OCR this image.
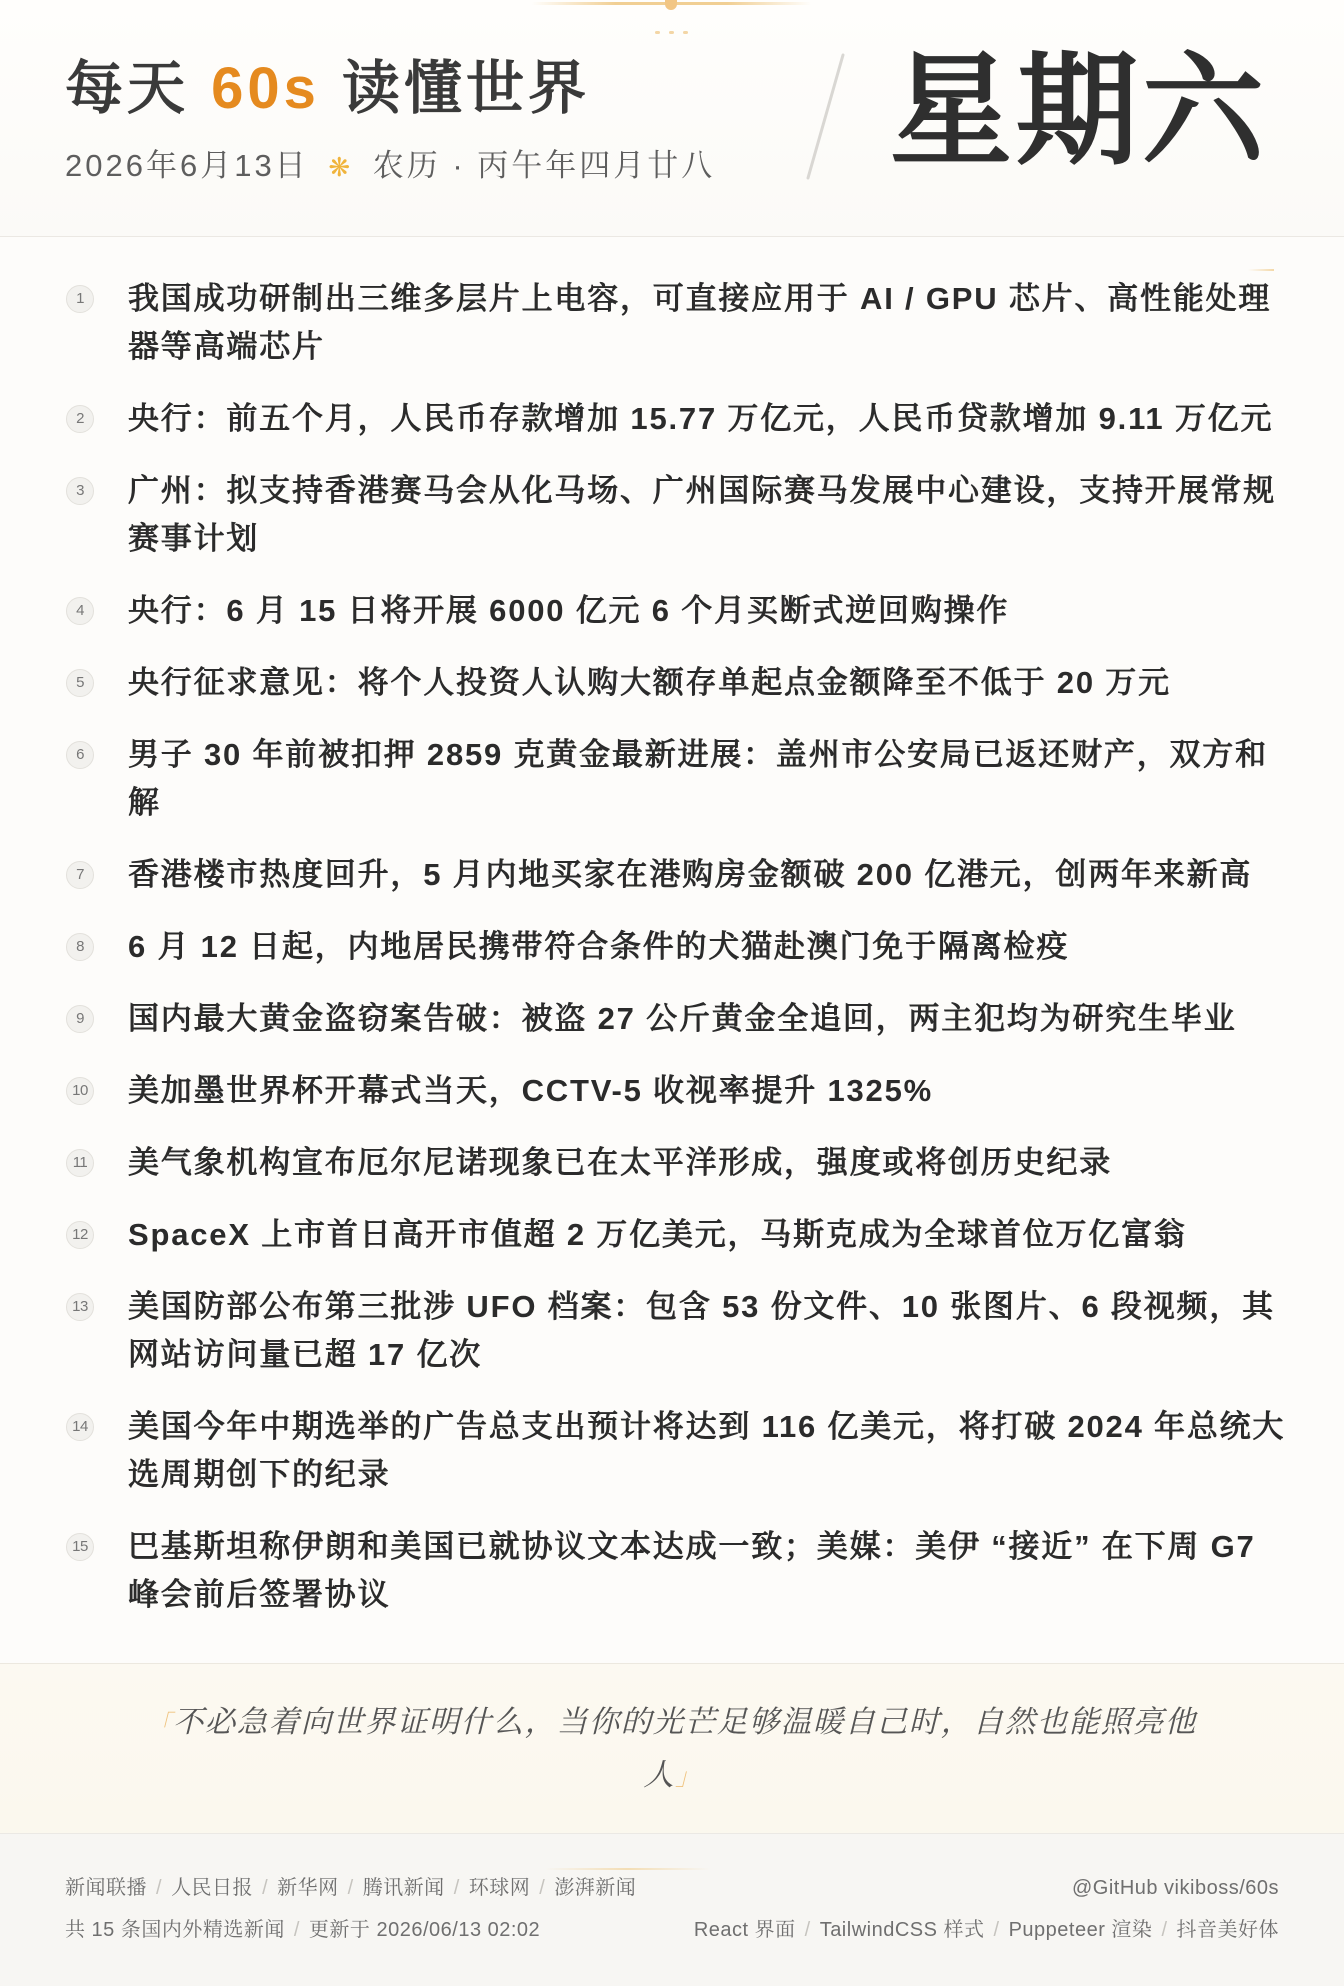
每天 60s 读懂世界
2026年6月13日 ❋ 农历 · 丙午年四月廿八 星期六
1	我国成功研制出三维多层片上电容，可直接应用于 AI / GPU 芯片、高性能处理器等高端芯片
2	央行：前五个月，人民币存款增加 15.77 万亿元，人民币贷款增加 9.11 万亿元
3	广州：拟支持香港赛马会从化马场、广州国际赛马发展中心建设，支持开展常规赛事计划
4	央行：6 月 15 日将开展 6000 亿元 6 个月买断式逆回购操作
5	央行征求意见：将个人投资人认购大额存单起点金额降至不低于 20 万元
6	男子 30 年前被扣押 2859 克黄金最新进展：盖州市公安局已返还财产，双方和解
7	香港楼市热度回升，5 月内地买家在港购房金额破 200 亿港元，创两年来新高
8	6 月 12 日起，内地居民携带符合条件的犬猫赴澳门免于隔离检疫
9	国内最大黄金盗窃案告破：被盗 27 公斤黄金全追回，两主犯均为研究生毕业
10 美加墨世界杯开幕式当天，CCTV-5 收视率提升 1325%
11 美气象机构宣布厄尔尼诺现象已在太平洋形成，强度或将创历史纪录
12 SpaceX 上市首日高开市值超 2 万亿美元，马斯克成为全球首位万亿富翁
13 美国防部公布第三批涉 UFO 档案：包含 53 份文件、10 张图片、6 段视频，其网站访问量已超 17 亿次
14 美国今年中期选举的广告总支出预计将达到 116 亿美元，将打破 2024 年总统大选周期创下的纪录
15 巴基斯坦称伊朗和美国已就协议文本达成一致；美媒：美伊 “接近” 在下周 G7 峰会前后签署协议
「不必急着向世界证明什么，当你的光芒足够温暖自己时，自然也能照亮他人」
新闻联播 / 人民日报 / 新华网 / 腾讯新闻 / 环球网 / 澎湃新闻	@GitHub vikiboss/60s
共 15 条国内外精选新闻 / 更新于 2026/06/13 02:02	React 界面 / TailwindCSS 样式 / Puppeteer 渲染 / 抖音美好体
